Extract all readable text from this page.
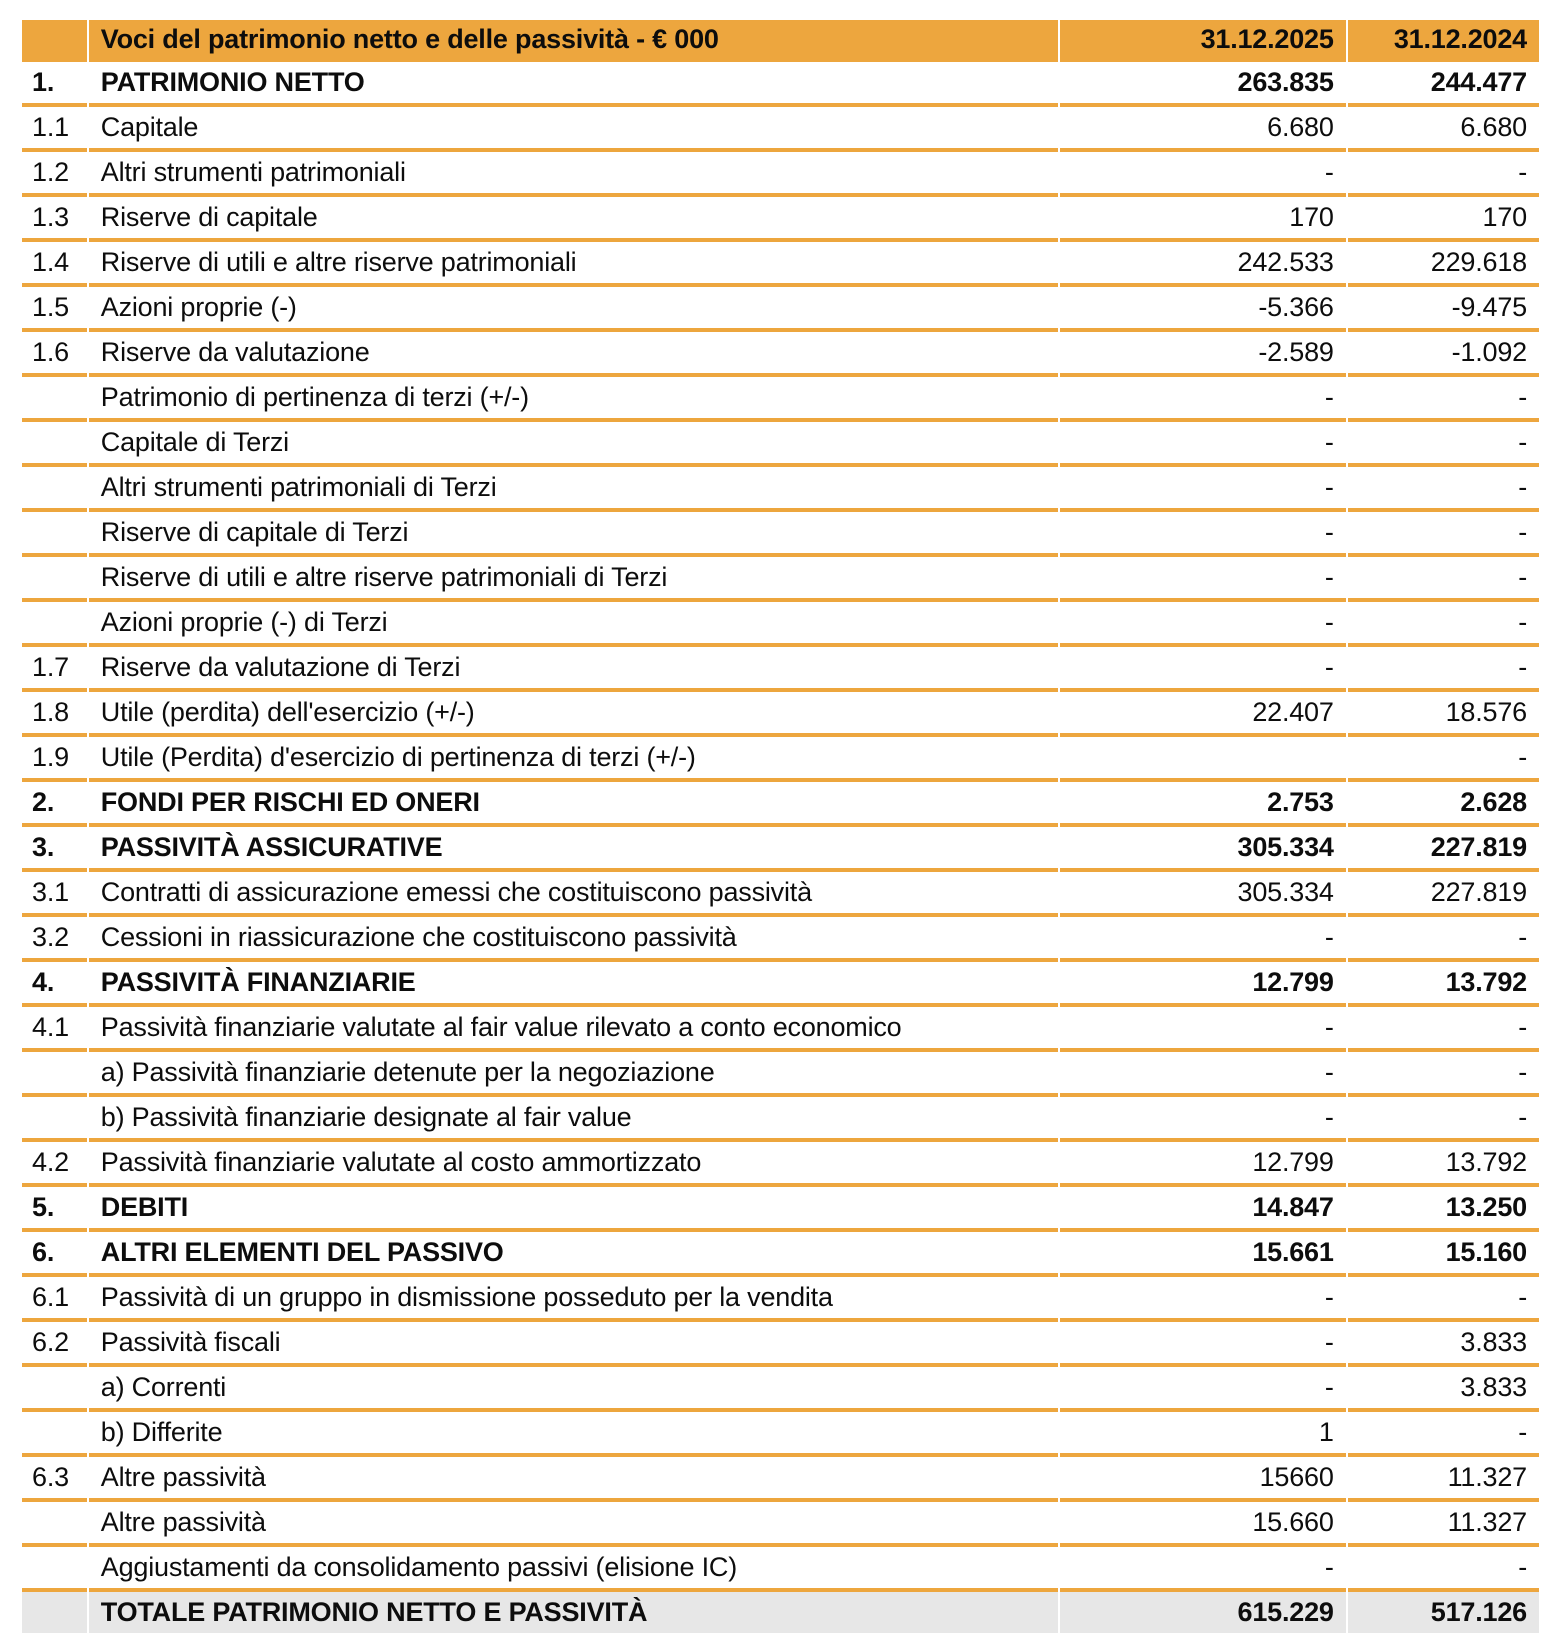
	Voci del patrimonio netto e delle passività - € 000	31.12.2025	31.12.2024
1.	PATRIMONIO NETTO	263.835	244.477
1.1	Capitale	6.680	6.680
1.2	Altri strumenti patrimoniali	-	-
1.3	Riserve di capitale	170	170
1.4	Riserve di utili e altre riserve patrimoniali	242.533	229.618
1.5	Azioni proprie (-)	-5.366	-9.475
1.6	Riserve da valutazione	-2.589	-1.092
	Patrimonio di pertinenza di terzi (+/-)	-	-
	Capitale di Terzi	-	-
	Altri strumenti patrimoniali di Terzi	-	-
	Riserve di capitale di Terzi	-	-
	Riserve di utili e altre riserve patrimoniali di Terzi	-	-
	Azioni proprie (-) di Terzi	-	-
1.7	Riserve da valutazione di Terzi	-	-
1.8	Utile (perdita) dell'esercizio (+/-)	22.407	18.576
1.9	Utile (Perdita) d'esercizio di pertinenza di terzi (+/-)		-
2.	FONDI PER RISCHI ED ONERI	2.753	2.628
3.	PASSIVITÀ ASSICURATIVE	305.334	227.819
3.1	Contratti di assicurazione emessi che costituiscono passività	305.334	227.819
3.2	Cessioni in riassicurazione che costituiscono passività	-	-
4.	PASSIVITÀ FINANZIARIE	12.799	13.792
4.1	Passività finanziarie valutate al fair value rilevato a conto economico	-	-
	a) Passività finanziarie detenute per la negoziazione	-	-
	b) Passività finanziarie designate al fair value	-	-
4.2	Passività finanziarie valutate al costo ammortizzato	12.799	13.792
5.	DEBITI	14.847	13.250
6.	ALTRI ELEMENTI DEL PASSIVO	15.661	15.160
6.1	Passività di un gruppo in dismissione posseduto per la vendita	-	-
6.2	Passività fiscali	-	3.833
	a) Correnti	-	3.833
	b) Differite	1	-
6.3	Altre passività	15660	11.327
	Altre passività	15.660	11.327
	Aggiustamenti da consolidamento passivi (elisione IC)	-	-
	TOTALE PATRIMONIO NETTO E PASSIVITÀ	615.229	517.126
